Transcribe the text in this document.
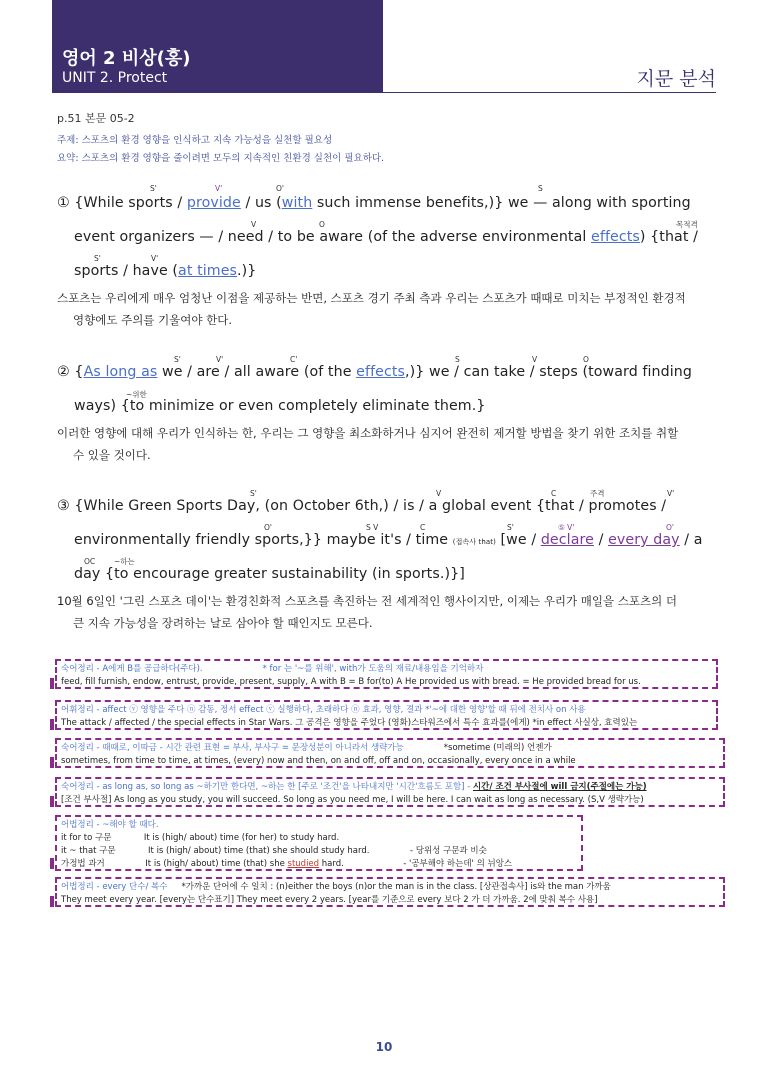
영어 2 비상(홍)
UNIT 2. Protect	지문 분석
p.51 본문 05-2
주제: 스포츠의 환경 영향을 인식하고 지속 가능성을 실천할 필요성
요약: 스포츠의 환경 영향을 줄이려면 모두의 지속적인 친환경 실천이 필요하다.
S'	V'	O'	S
① {While sports / provide / us (with such immense benefits,)} we — along with sporting
V	O	목적격
event organizers — / need / to be aware (of the adverse environmental effects) {that /
S'	V'
sports / have (at times.)}
스포츠는 우리에게 매우 엄청난 이점을 제공하는 반면, 스포츠 경기 주최 측과 우리는 스포츠가 때때로 미치는 부정적인 환경적
영향에도 주의를 기울여야 한다.
S'	V'	C'	S	V	O
② {As long as we / are / all aware (of the effects,)} we / can take / steps (toward finding
~위한
ways) {to minimize or even completely eliminate them.}
이러한 영향에 대해 우리가 인식하는 한, 우리는 그 영향을 최소화하거나 심지어 완전히 제거할 방법을 찾기 위한 조치를 취할
수 있을 것이다.
S'	V	C	주격	V'
③ {While Green Sports Day, (on October 6th,) / is / a global event {that / promotes /
O'	S V	C	S'	⑤ V'	O'
environmentally friendly sports,}} maybe it's / time (접속사 that) [we / declare / every day / a
OC	~하는
day {to encourage greater sustainability (in sports.)}]
10월 6일인 '그린 스포츠 데이'는 환경친화적 스포츠를 촉진하는 전 세계적인 행사이지만, 이제는 우리가 매일을 스포츠의 더
큰 지속 가능성을 장려하는 날로 삼아야 할 때인지도 모른다.
숙어정리 - A에게 B를 공급하다(주다).	* for 는 '~를 위해', with가 도움의 재료/내용임을 기억하자
feed, fill furnish, endow, entrust, provide, present, supply, A with B = B for(to) A He provided us with bread. = He provided bread for us.
어휘정리 - affect ⓥ 영향을 주다 ⓝ 감동, 정서 effect ⓥ 실행하다, 초래하다 ⓝ 효과, 영향, 결과 *'~에 대한 영향'할 때 뒤에 전치사 on 사용
The attack / affected / the special effects in Star Wars. 그 공격은 영향을 주었다 (영화)스타워즈에서 특수 효과를(에게) *in effect 사실상, 효력있는
숙어정리 - 때때로, 이따금 - 시간 관련 표현 = 부사, 부사구 = 문장성분이 아니라서 생략가능	*sometime (미래의) 언젠가
sometimes, from time to time, at times, (every) now and then, on and off, off and on, occasionally, every once in a while
숙어정리 - as long as, so long as ~하기만 한다면, ~하는 한 [주로 '조건'을 나타내지만 '시간'흐름도 포함] - 시간/ 조건 부사절에 will 금지(주절에는 가능)
[조건 부사절] As long as you study, you will succeed. So long as you need me, I will be here. I can wait as long as necessary. (S,V 생략가능)
어법정리 - ~해야 할 때다.
it for to 구문            It is (high/ about) time (for her) to study hard.
it ~ that 구문            It is (high/ about) time (that) she should study hard.               - 당위성 구문과 비슷
가정법 과거               It is (high/ about) time (that) she studied hard.                      - '공부해야 하는데' 의 뉘앙스
어법정리 - every 단수/ 복수 *가까운 단어에 수 일치 : (n)either the boys (n)or the man is in the class. [상관접속사] is와 the man 가까움
They meet every year. [every는 단수표기] They meet every 2 years. [year를 기준으로 every 보다 2 가 더 가까움. 2에 맞춰 복수 사용]
10
